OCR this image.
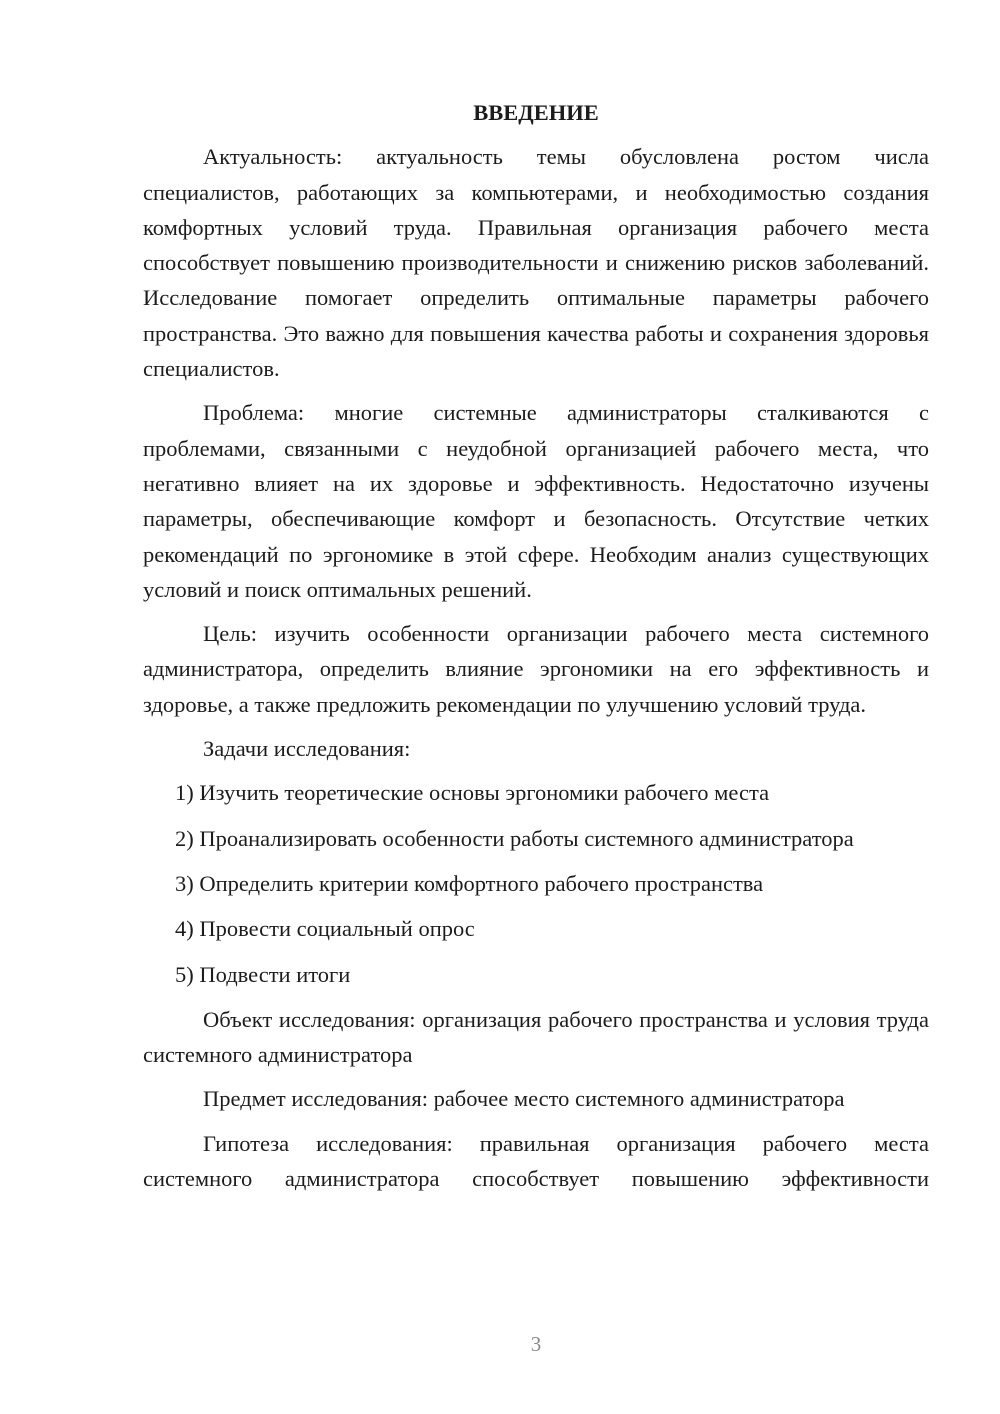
ВВЕДЕНИЕ

Актуальность: актуальность темы обусловлена ростом числа специалистов, работающих за компьютерами, и необходимостью создания комфортных условий труда. Правильная организация рабочего места способствует повышению производительности и снижению рисков заболеваний. Исследование помогает определить оптимальные параметры рабочего пространства. Это важно для повышения качества работы и сохранения здоровья специалистов.

Проблема: многие системные администраторы сталкиваются с проблемами, связанными с неудобной организацией рабочего места, что негативно влияет на их здоровье и эффективность. Недостаточно изучены параметры, обеспечивающие комфорт и безопасность. Отсутствие четких рекомендаций по эргономике в этой сфере. Необходим анализ существующих условий и поиск оптимальных решений.

Цель: изучить особенности организации рабочего места системного администратора, определить влияние эргономики на его эффективность и здоровье, а также предложить рекомендации по улучшению условий труда.

Задачи исследования:

1) Изучить теоретические основы эргономики рабочего места

2) Проанализировать особенности работы системного администратора

3) Определить критерии комфортного рабочего пространства

4) Провести социальный опрос

5) Подвести итоги

Объект исследования: организация рабочего пространства и условия труда системного администратора

Предмет исследования: рабочее место системного администратора

Гипотеза исследования: правильная организация рабочего места системного администратора способствует повышению эффективности

3
